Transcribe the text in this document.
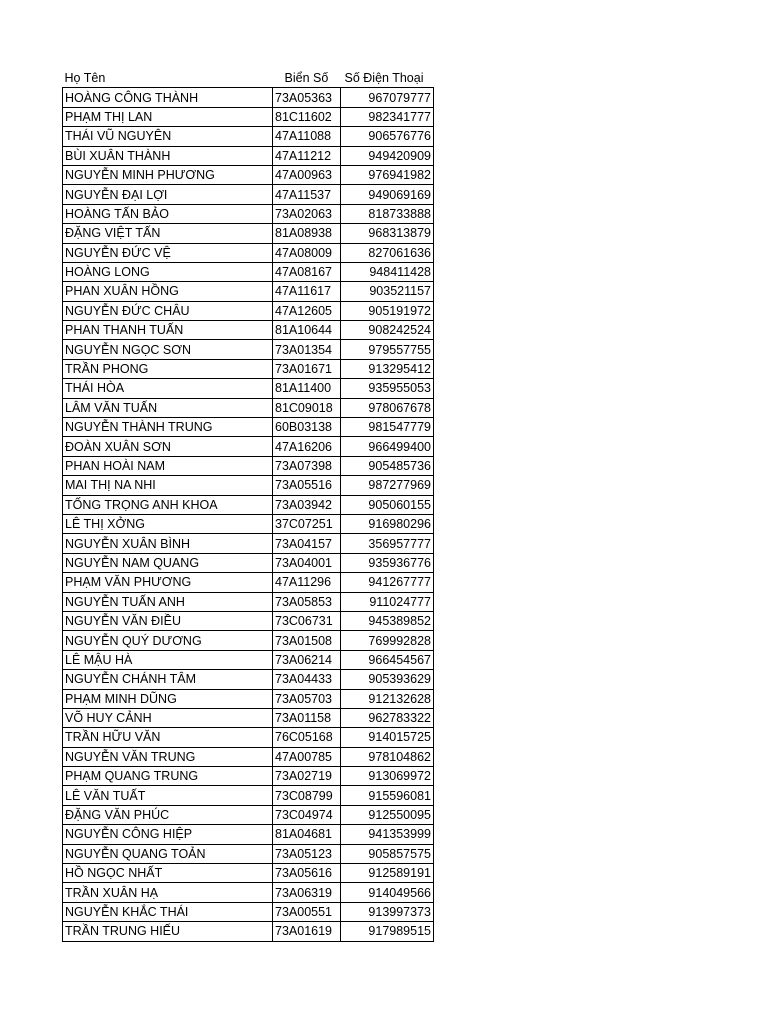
Họ Tên	Biển Số	Số Điện Thoại
HOÀNG CÔNG THÀNH	73A05363	967079777
PHẠM THỊ LAN	81C11602	982341777
THÁI VŨ NGUYÊN	47A11088	906576776
BÙI XUÂN THÀNH	47A11212	949420909
NGUYỄN MINH PHƯƠNG	47A00963	976941982
NGUYỄN ĐẠI LỢI	47A11537	949069169
HOÀNG TẤN BẢO	73A02063	818733888
ĐẶNG VIỆT TẤN	81A08938	968313879
NGUYỄN ĐỨC VỆ	47A08009	827061636
HOÀNG LONG	47A08167	948411428
PHAN XUÂN HỒNG	47A11617	903521157
NGUYỄN ĐỨC CHÂU	47A12605	905191972
PHAN THANH TUẤN	81A10644	908242524
NGUYỄN NGỌC SƠN	73A01354	979557755
TRẦN PHONG	73A01671	913295412
THÁI HÒA	81A11400	935955053
LÂM VĂN TUẤN	81C09018	978067678
NGUYỄN THÀNH TRUNG	60B03138	981547779
ĐOÀN XUÂN SƠN	47A16206	966499400
PHAN HOÀI NAM	73A07398	905485736
MAI THỊ NA NHI	73A05516	987277969
TỐNG TRỌNG ANH KHOA	73A03942	905060155
LÊ THỊ XỞNG	37C07251	916980296
NGUYỄN XUÂN BÌNH	73A04157	356957777
NGUYỄN NAM QUANG	73A04001	935936776
PHẠM VĂN PHƯƠNG	47A11296	941267777
NGUYỄN TUẤN ANH	73A05853	911024777
NGUYỄN VĂN ĐIỀU	73C06731	945389852
NGUYỄN QUÝ DƯƠNG	73A01508	769992828
LÊ MẬU HÀ	73A06214	966454567
NGUYỄN CHÁNH TÂM	73A04433	905393629
PHẠM MINH DŨNG	73A05703	912132628
VÕ HUY CẢNH	73A01158	962783322
TRẦN HỮU VĂN	76C05168	914015725
NGUYỄN VĂN TRUNG	47A00785	978104862
PHẠM QUANG TRUNG	73A02719	913069972
LÊ VĂN TUẤT	73C08799	915596081
ĐẶNG VĂN PHÚC	73C04974	912550095
NGUYỄN CÔNG HIỆP	81A04681	941353999
NGUYỄN QUANG TOẢN	73A05123	905857575
HỒ NGỌC NHẤT	73A05616	912589191
TRẦN XUÂN HẠ	73A06319	914049566
NGUYỄN KHẮC THÁI	73A00551	913997373
TRẦN TRUNG HIẾU	73A01619	917989515
